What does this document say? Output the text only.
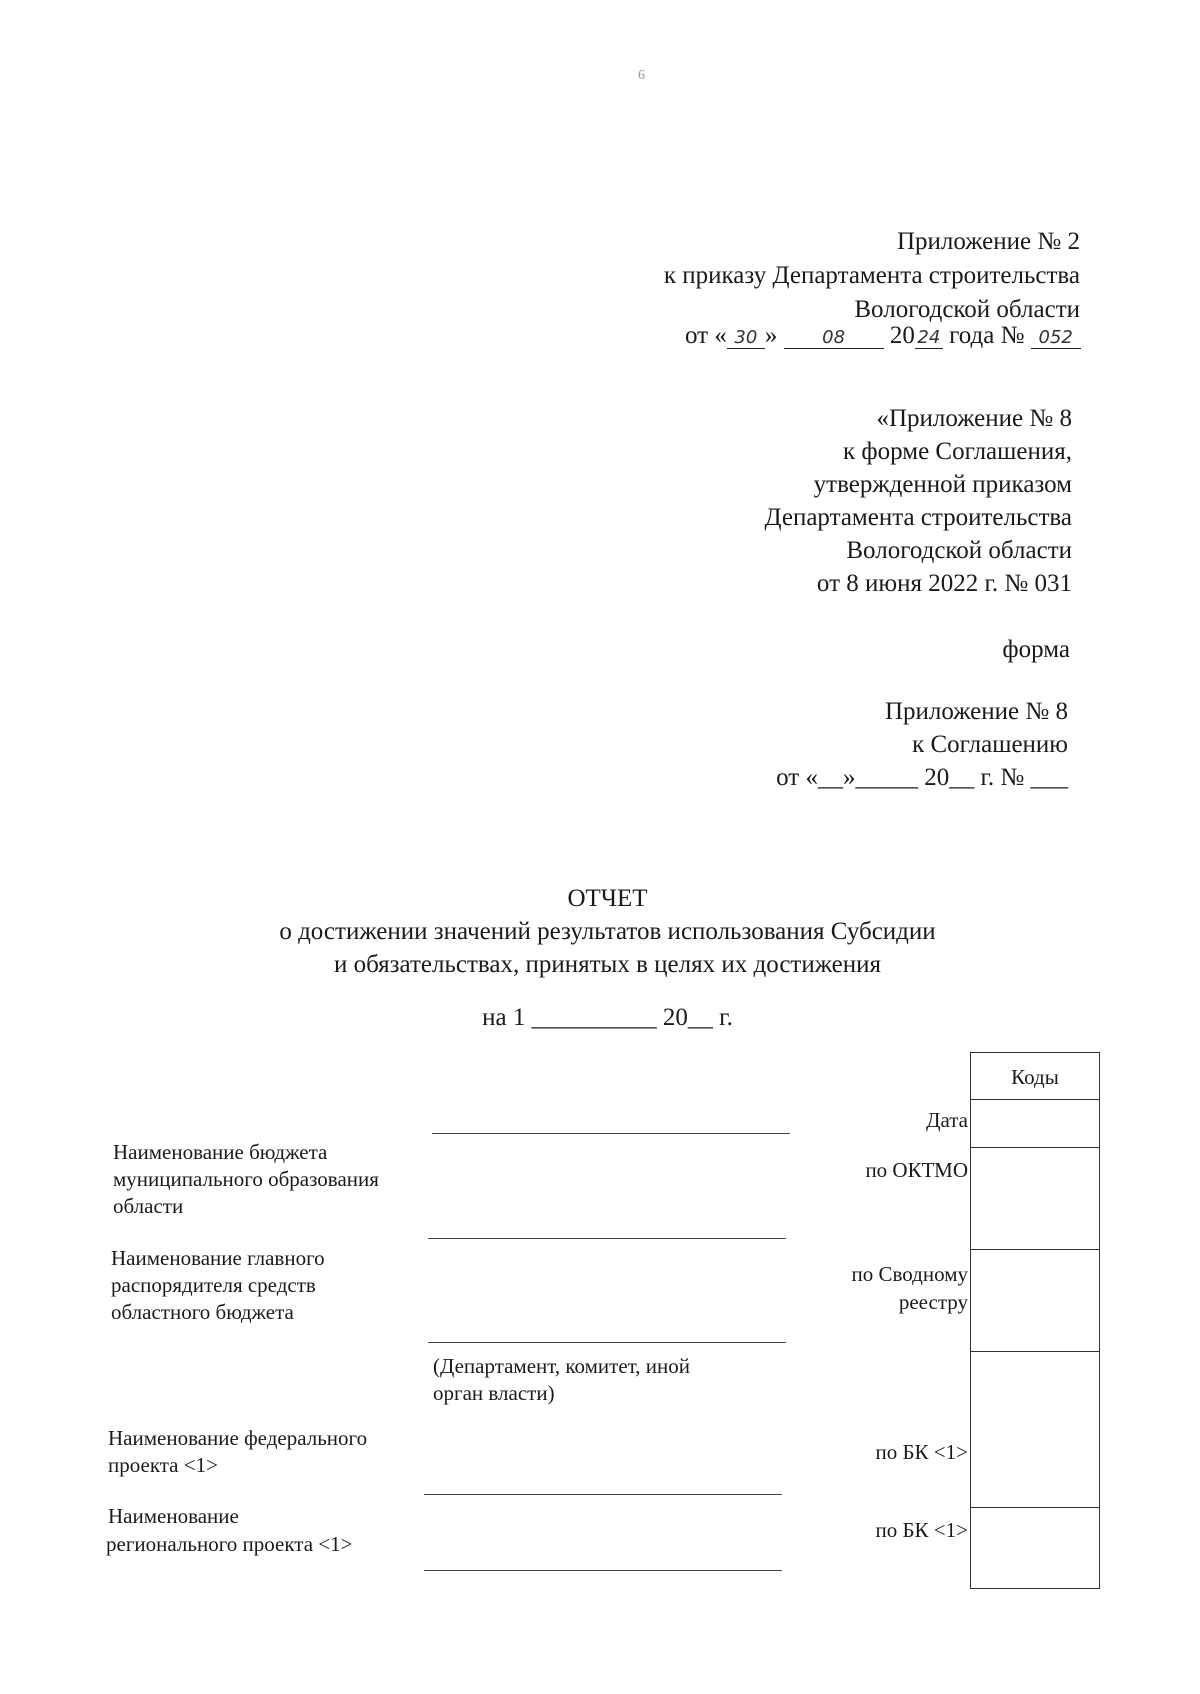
6
Приложение № 2
к приказу Департамента строительства
Вологодской области
от « 30 » 08 20 24 года № 052
«Приложение № 8
к форме Соглашения,
утвержденной приказом
Департамента строительства
Вологодской области
от 8 июня 2022 г. № 031
форма
Приложение № 8
к Соглашению
от «__»_____ 20__ г. № ___
ОТЧЕТ
о достижении значений результатов использования Субсидии
и обязательствах, принятых в целях их достижения
на 1 __________ 20__ г.
Коды
Дата
по ОКТМО
по Сводному
реестру
по БК <1>
по БК <1>
Наименование бюджета
муниципального образования
области
Наименование главного
распорядителя средств
областного бюджета
(Департамент, комитет, иной
орган власти)
Наименование федерального
проекта <1>
Наименование
регионального проекта <1>
